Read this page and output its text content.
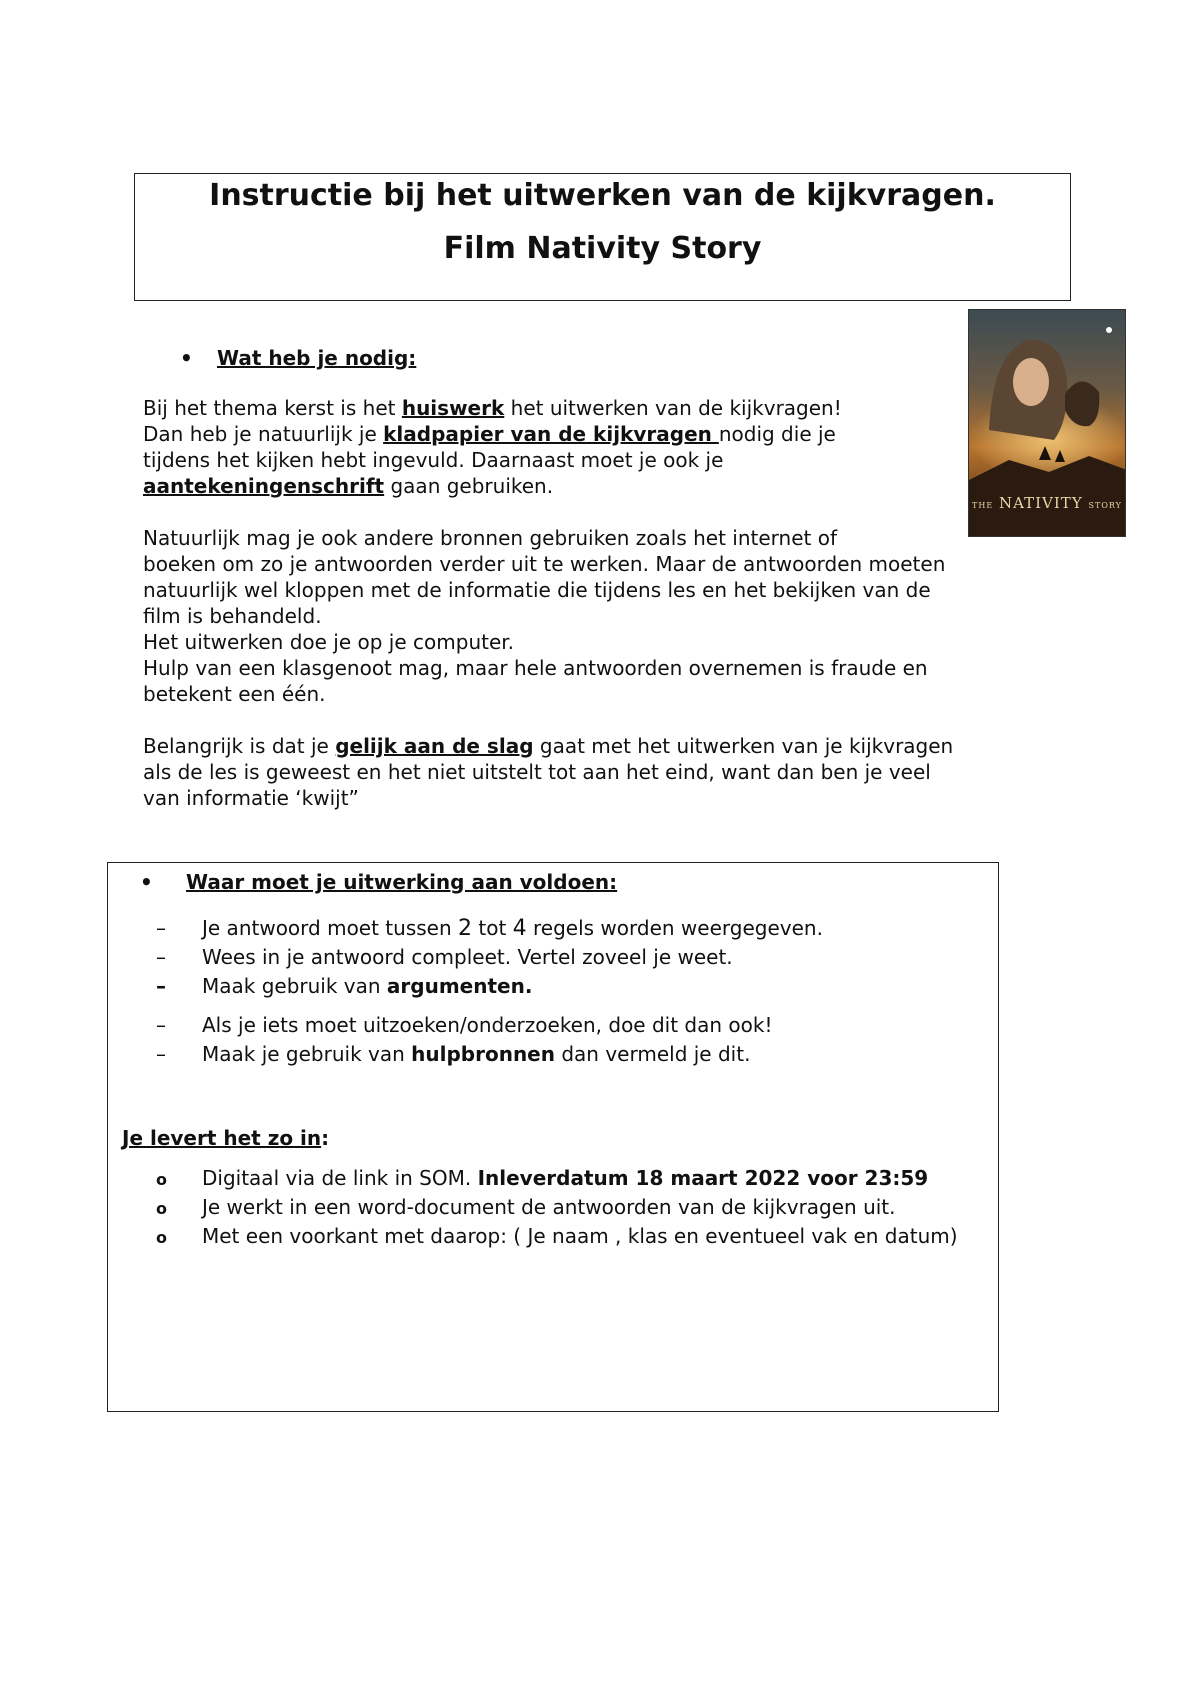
Instructie bij het uitwerken van de kijkvragen.
Film Nativity Story
THE NATIVITY STORY
• Wat heb je nodig:

Bij het thema kerst is het huiswerk het uitwerken van de kijkvragen!

Dan heb je natuurlijk je kladpapier van de kijkvragen nodig die je

tijdens het kijken hebt ingevuld. Daarnaast moet je ook je

aantekeningenschrift gaan gebruiken.

Natuurlijk mag je ook andere bronnen gebruiken zoals het internet of

boeken om zo je antwoorden verder uit te werken. Maar de antwoorden moeten

natuurlijk wel kloppen met de informatie die tijdens les en het bekijken van de

film is behandeld.

Het uitwerken doe je op je computer.

Hulp van een klasgenoot mag, maar hele antwoorden overnemen is fraude en

betekent een één.

Belangrijk is dat je gelijk aan de slag gaat met het uitwerken van je kijkvragen

als de les is geweest en het niet uitstelt tot aan het eind, want dan ben je veel

van informatie ‘kwijt”

• Waar moet je uitwerking aan voldoen:
– Je antwoord moet tussen 2 tot 4 regels worden weergegeven.
– Wees in je antwoord compleet. Vertel zoveel je weet.
– Maak gebruik van argumenten.
– Als je iets moet uitzoeken/onderzoeken, doe dit dan ook!
– Maak je gebruik van hulpbronnen dan vermeld je dit.
Je levert het zo in:
o Digitaal via de link in SOM. Inleverdatum 18 maart 2022 voor 23:59
o Je werkt in een word-document de antwoorden van de kijkvragen uit.
o Met een voorkant met daarop: ( Je naam , klas en eventueel vak en datum)
